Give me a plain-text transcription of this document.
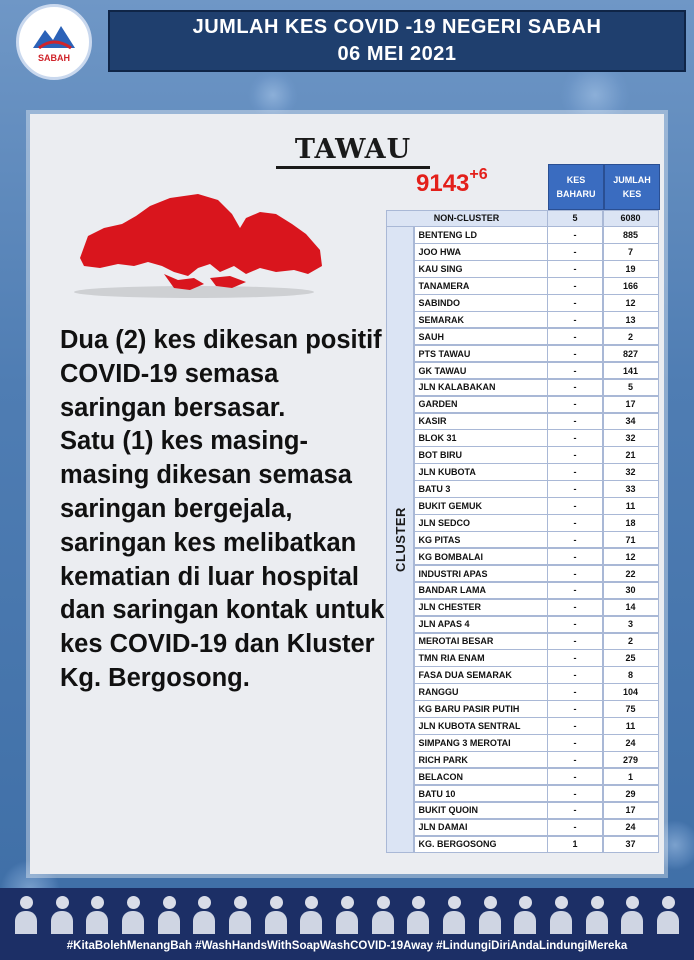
SABAH
JUMLAH KES COVID -19 NEGERI SABAH
06 MEI 2021
TAWAU
$9143^{+6}$

Dua (2) kes dikesan positif COVID-19 semasa saringan bersasar.

Satu (1) kes masing-masing dikesan semasa saringan bergejala, saringan kes melibatkan kematian di luar hospital dan saringan kontak untuk kes COVID-19 dan Kluster Kg. Bergosong.

KES BAHARU
JUMLAH KES
NON-CLUSTER	5	6080
CLUSTER
BENTENG LD	-	885
JOO HWA	-	7
KAU SING	-	19
TANAMERA	-	166
SABINDO	-	12
SEMARAK	-	13
SAUH	-	2
PTS TAWAU	-	827
GK TAWAU	-	141
JLN KALABAKAN	-	5
GARDEN	-	17
KASIR	-	34
BLOK 31	-	32
BOT BIRU	-	21
JLN KUBOTA	-	32
BATU 3	-	33
BUKIT GEMUK	-	11
JLN SEDCO	-	18
KG PITAS	-	71
KG BOMBALAI	-	12
INDUSTRI APAS	-	22
BANDAR LAMA	-	30
JLN CHESTER	-	14
JLN APAS 4	-	3
MEROTAI BESAR	-	2
TMN RIA ENAM	-	25
FASA DUA SEMARAK	-	8
RANGGU	-	104
KG BARU PASIR PUTIH	-	75
JLN KUBOTA SENTRAL	-	11
SIMPANG 3 MEROTAI	-	24
RICH PARK	-	279
BELACON	-	1
BATU 10	-	29
BUKIT QUOIN	-	17
JLN DAMAI	-	24
KG. BERGOSONG	1	37
#KitaBolehMenangBah #WashHandsWithSoapWashCOVID-19Away #LindungiDiriAndaLindungiMereka
